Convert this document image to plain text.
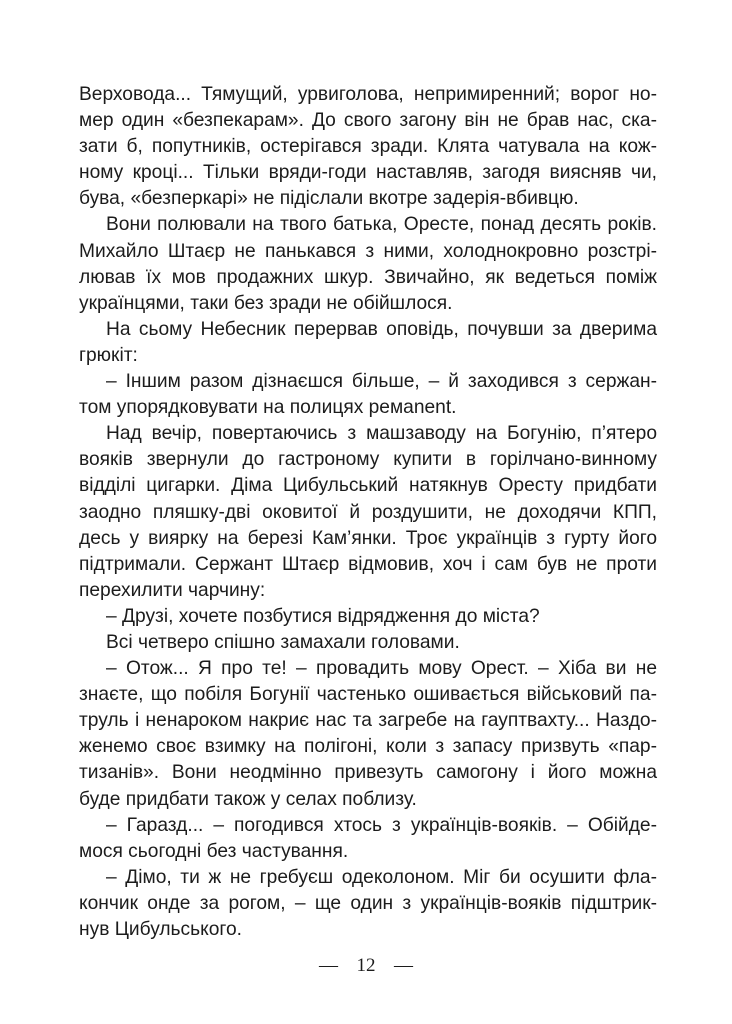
Верховода... Тямущий, урвиголова, непримиренний; ворог но-
мер один «безпекарам». До свого загону він не брав нас, ска-
зати б, попутників, остерігався зради. Клята чатувала на кож-
ному кроці... Тільки вряди-годи наставляв, загодя виясняв чи,
бува, «безперкарі» не підіслали вкотре задерія-вбивцю.
Вони полювали на твого батька, Оресте, понад десять років.
Михайло Штаєр не панькався з ними, холоднокровно розстрі-
лював їх мов продажних шкур. Звичайно, як ведеться поміж
українцями, таки без зради не обійшлося.
На сьому Небесник перервав оповідь, почувши за дверима
грюкіт:
– Іншим разом дізнаєшся більше, – й заходився з сержан-
том упорядковувати на полицях ремanent.
Над вечір, повертаючись з машзаводу на Богунію, п’ятеро
вояків звернули до гастроному купити в горілчано-винному
відділі цигарки. Діма Цибульський натякнув Оресту придбати
заодно пляшку-дві оковитої й роздушити, не доходячи КПП,
десь у виярку на березі Кам’янки. Троє українців з гурту його
підтримали. Сержант Штаєр відмовив, хоч і сам був не проти
перехилити чарчину:
– Друзі, хочете позбутися відрядження до міста?
Всі четверо спішно замахали головами.
– Отож... Я про те! – провадить мову Орест. – Хіба ви не
знаєте, що побіля Богунії частенько ошивається військовий па-
труль і ненароком накриє нас та загребе на гауптвахту... Наздо-
женемо своє взимку на полігоні, коли з запасу призвуть «пар-
тизанів». Вони неодмінно привезуть самогону і його можна
буде придбати також у селах поблизу.
– Гаразд... – погодився хтось з українців-вояків. – Обійде-
мося сьогодні без частування.
– Дімо, ти ж не гребуєш одеколоном. Міг би осушити фла-
кончик онде за рогом, – ще один з українців-вояків підштрик-
нув Цибульського.
— 12 —
